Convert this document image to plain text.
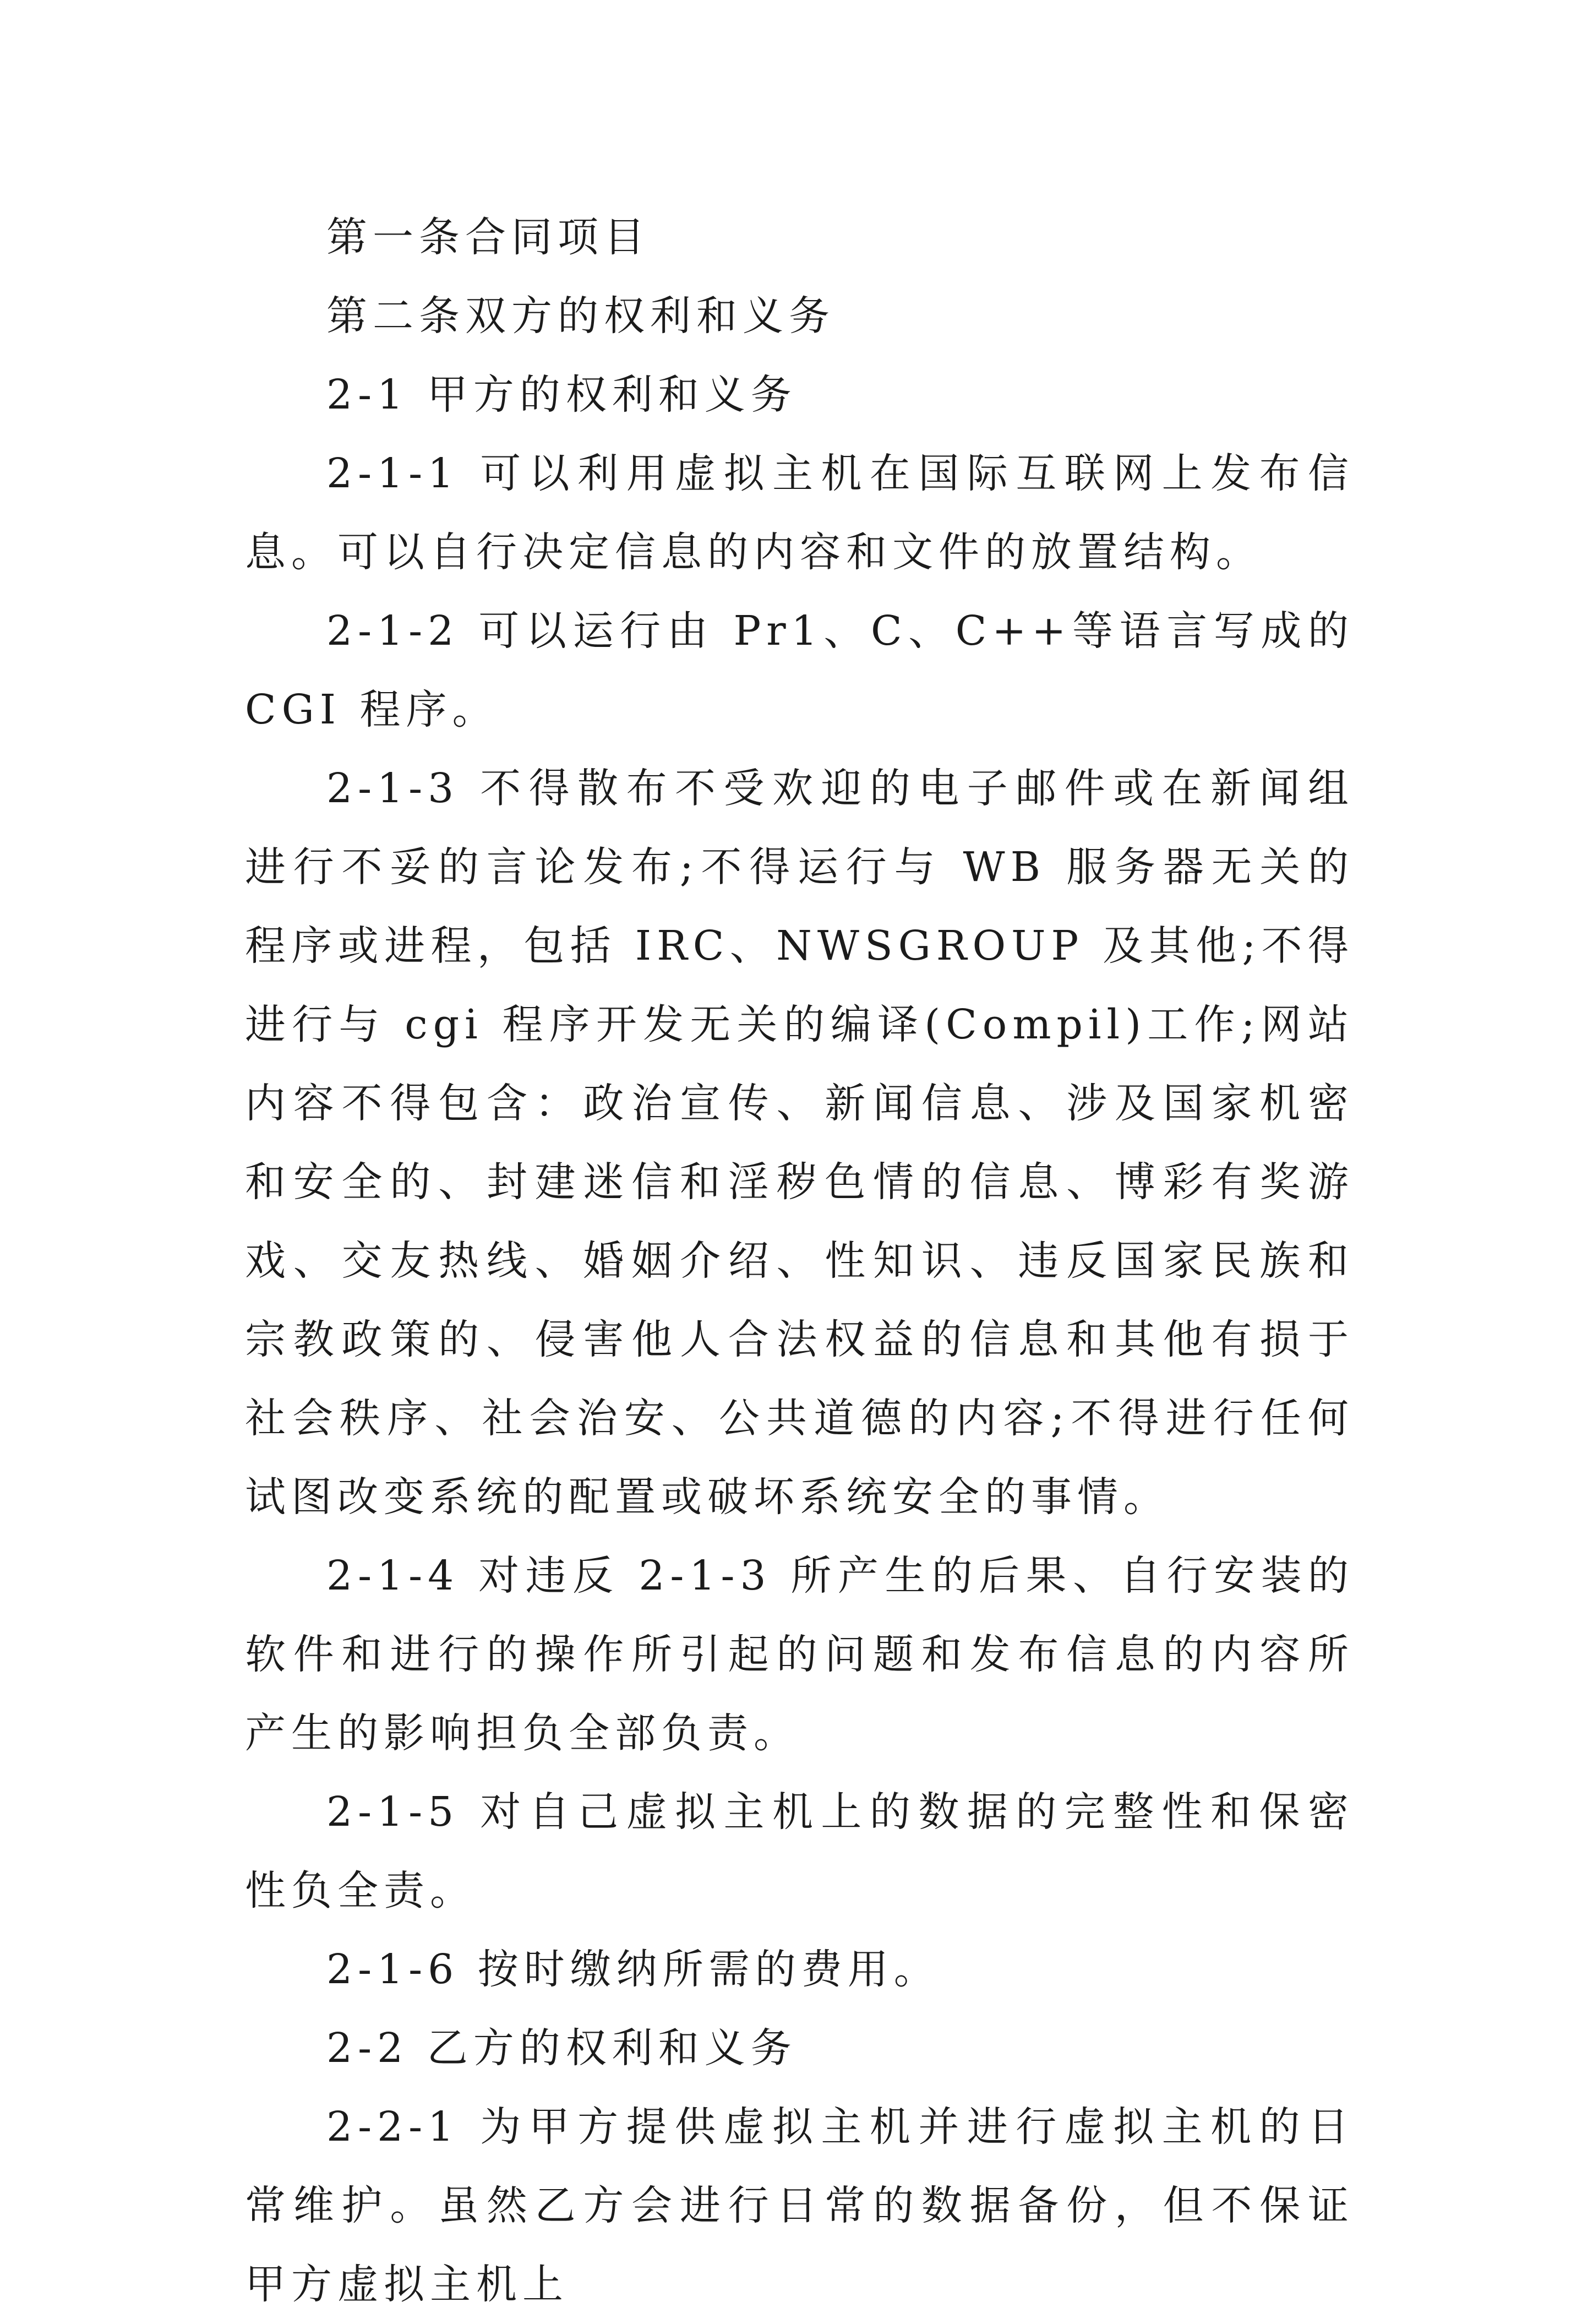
第一条合同项目

第二条双方的权利和义务

2-1 甲方的权利和义务

2-1-1 可以利用虚拟主机在国际互联网上发布信息。可以自行决定信息的内容和文件的放置结构。

2-1-2 可以运行由 Pr1、C、C++等语言写成的 CGI 程序。

2-1-3 不得散布不受欢迎的电子邮件或在新闻组进行不妥的言论发布;不得运行与 WB 服务器无关的程序或进程，包括 IRC、NWSGROUP 及其他;不得进行与 cgi 程序开发无关的编译(Compil)工作;网站内容不得包含：政治宣传、新闻信息、涉及国家机密和安全的、封建迷信和淫秽色情的信息、博彩有奖游戏、交友热线、婚姻介绍、性知识、违反国家民族和宗教政策的、侵害他人合法权益的信息和其他有损于社会秩序、社会治安、公共道德的内容;不得进行任何试图改变系统的配置或破坏系统安全的事情。

2-1-4 对违反 2-1-3 所产生的后果、自行安装的软件和进行的操作所引起的问题和发布信息的内容所产生的影响担负全部负责。

2-1-5 对自己虚拟主机上的数据的完整性和保密性负全责。

2-1-6 按时缴纳所需的费用。

2-2 乙方的权利和义务

2-2-1 为甲方提供虚拟主机并进行虚拟主机的日常维护。虽然乙方会进行日常的数据备份，但不保证甲方虚拟主机上
